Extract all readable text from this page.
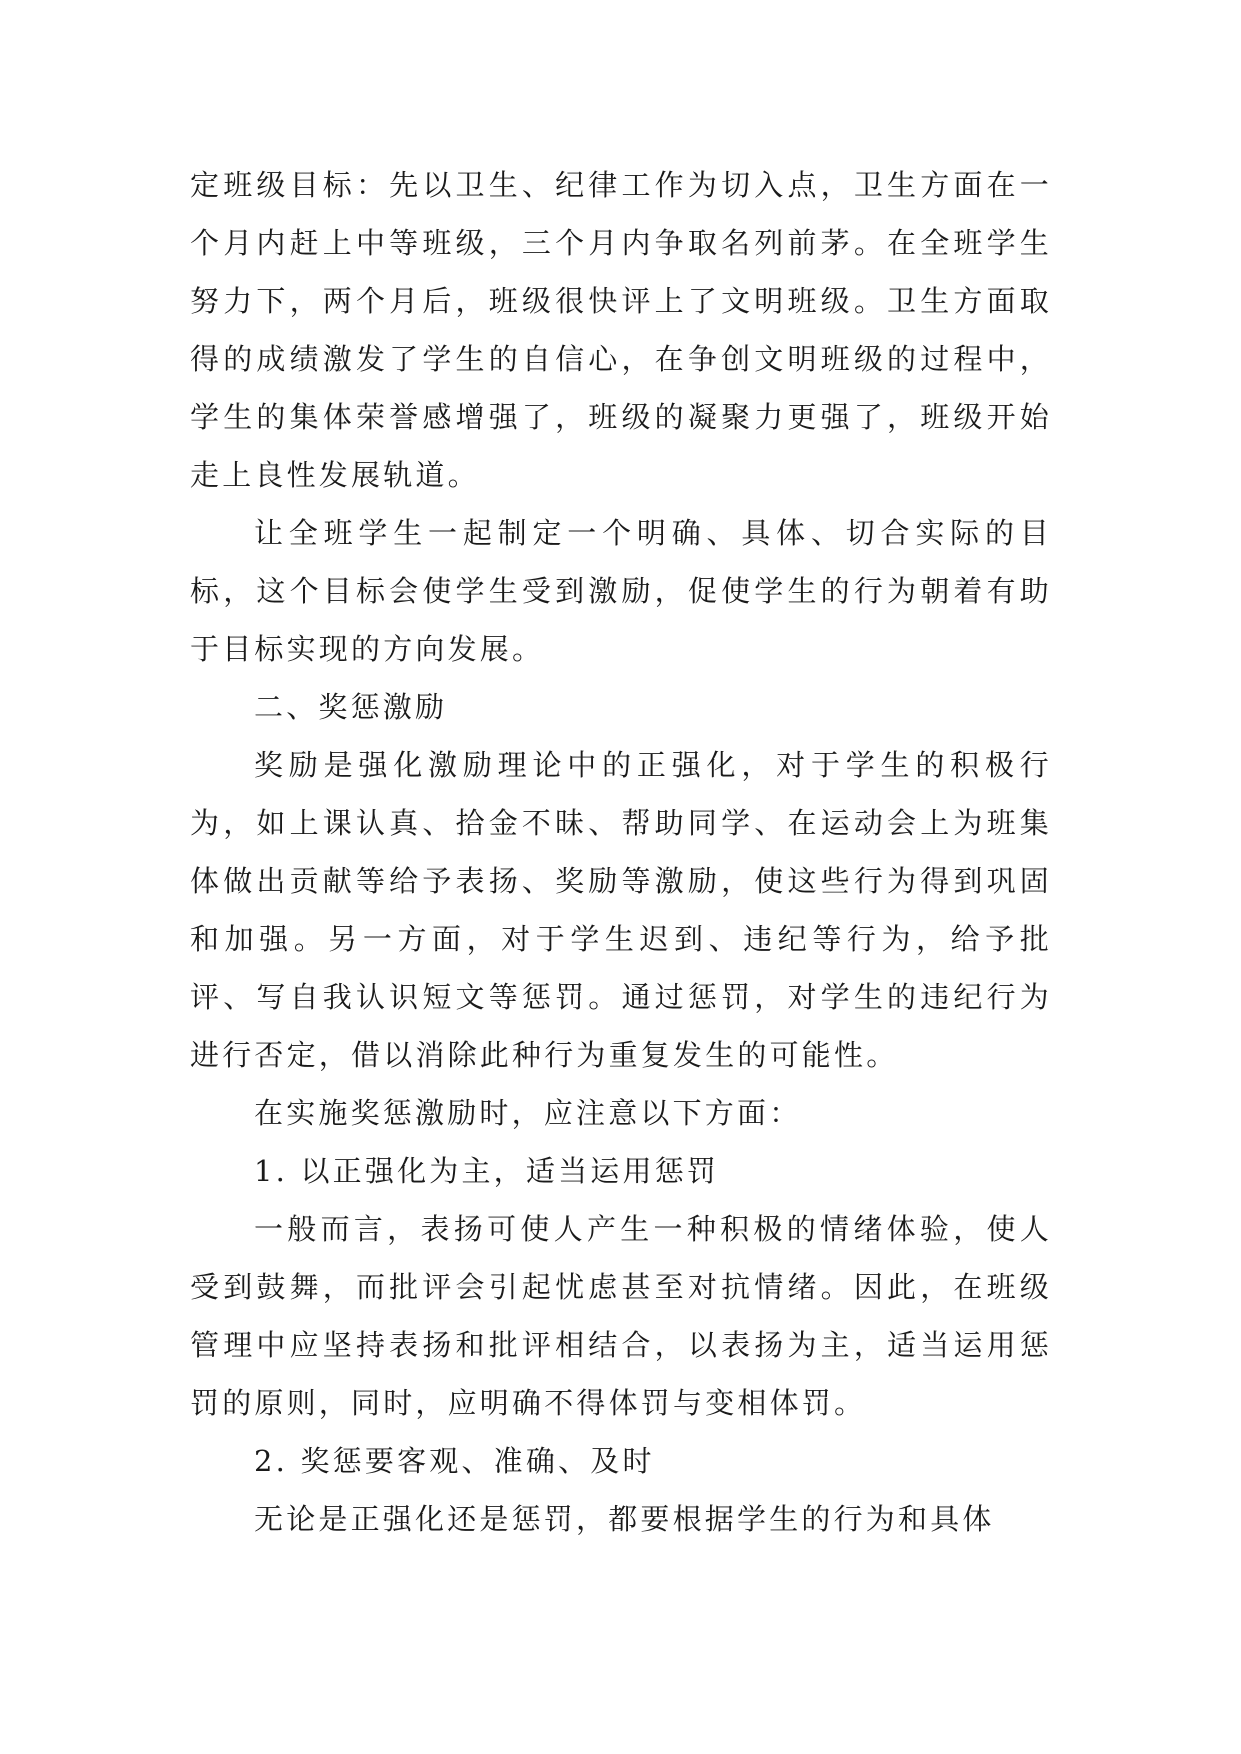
定班级目标：先以卫生、纪律工作为切入点，卫生方面在一个月内赶上中等班级，三个月内争取名列前茅。在全班学生努力下，两个月后，班级很快评上了文明班级。卫生方面取得的成绩激发了学生的自信心，在争创文明班级的过程中，学生的集体荣誉感增强了，班级的凝聚力更强了，班级开始走上良性发展轨道。

让全班学生一起制定一个明确、具体、切合实际的目标，这个目标会使学生受到激励，促使学生的行为朝着有助于目标实现的方向发展。

二、奖惩激励

奖励是强化激励理论中的正强化，对于学生的积极行为，如上课认真、拾金不昧、帮助同学、在运动会上为班集体做出贡献等给予表扬、奖励等激励，使这些行为得到巩固和加强。另一方面，对于学生迟到、违纪等行为，给予批评、写自我认识短文等惩罚。通过惩罚，对学生的违纪行为进行否定，借以消除此种行为重复发生的可能性。

在实施奖惩激励时，应注意以下方面：

1. 以正强化为主，适当运用惩罚

一般而言，表扬可使人产生一种积极的情绪体验，使人受到鼓舞，而批评会引起忧虑甚至对抗情绪。因此，在班级管理中应坚持表扬和批评相结合，以表扬为主，适当运用惩罚的原则，同时，应明确不得体罚与变相体罚。

2. 奖惩要客观、准确、及时

无论是正强化还是惩罚，都要根据学生的行为和具体
